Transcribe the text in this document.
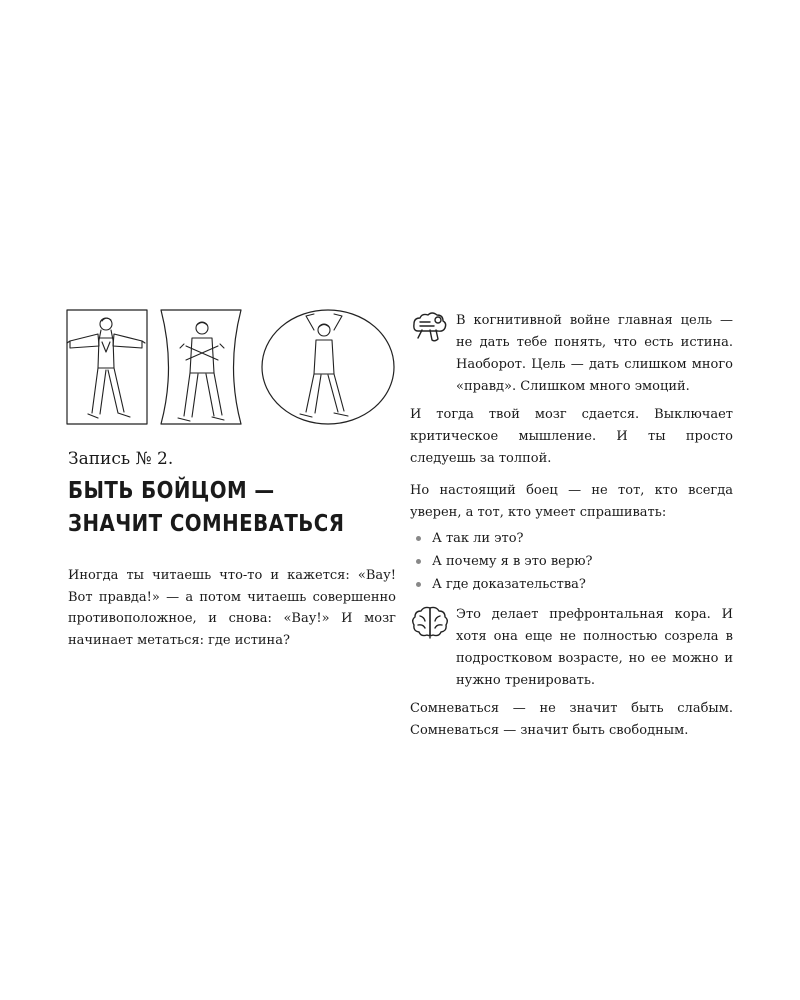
Запись № 2.

БЫТЬ БОЙЦОМ —
ЗНАЧИТ СОМНЕВАТЬСЯ

Иногда ты читаешь что-то и кажется: «Вау! Вот правда!» — а потом читаешь совершенно противоположное, и снова: «Вау!» И мозг начинает метаться: где истина?

В когнитивной войне главная цель — не дать тебе понять, что есть истина. Наоборот. Цель — дать слишком много «правд». Слишком много эмоций.

И тогда твой мозг сдается. Выключает критическое мышление. И ты просто следуешь за толпой.

Но настоящий боец — не тот, кто всегда уверен, а тот, кто умеет спрашивать:

А так ли это?
А почему я в это верю?
А где доказательства?

Это делает префронтальная кора. И хотя она еще не полностью созрела в подростковом возрасте, но ее можно и нужно тренировать.

Сомневаться — не значит быть слабым. Сомневаться — значит быть свободным.
